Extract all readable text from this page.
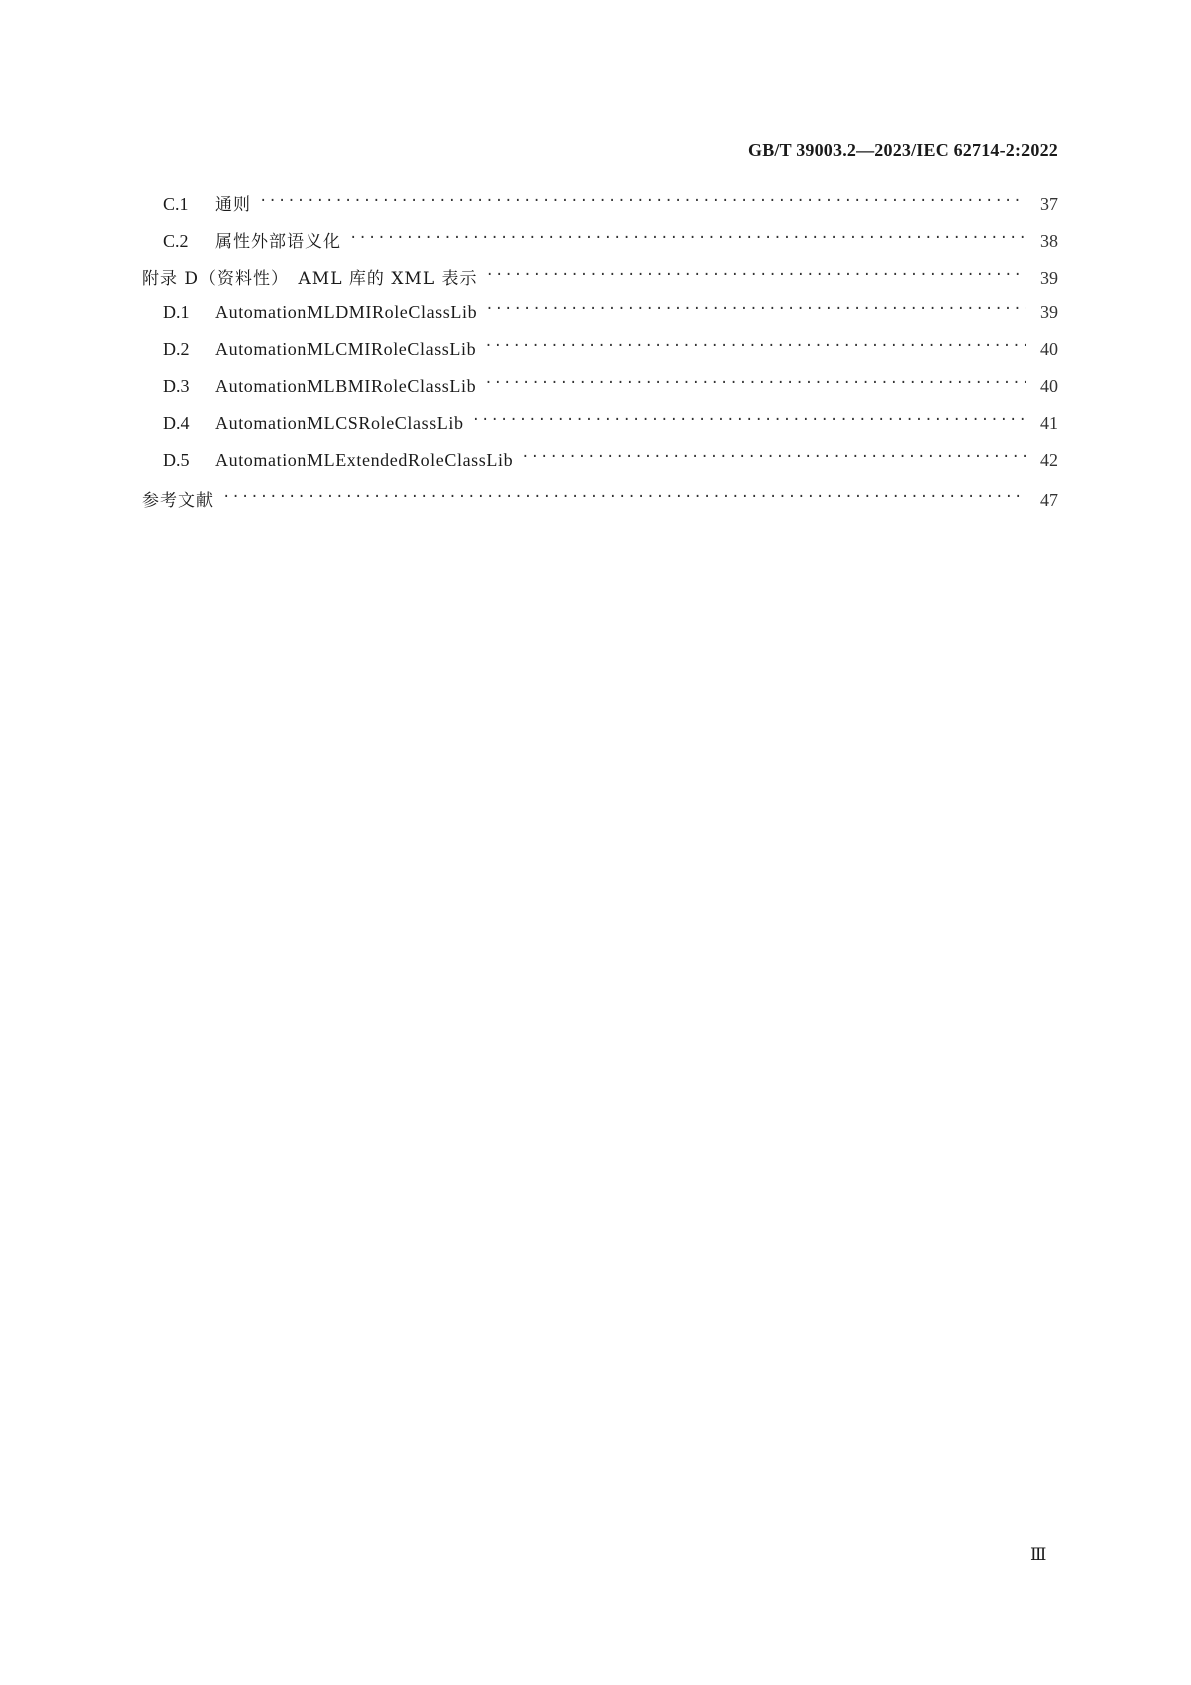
GB/T 39003.2—2023/IEC 62714-2:2022
C.1	通则 ·····	37
C.2	属性外部语义化 ·····	38
附录 D（资料性）　AML 库的 XML 表示 ·····	39
D.1	AutomationMLDMIRoleClassLib ·····	39
D.2	AutomationMLCMIRoleClassLib ·····	40
D.3	AutomationMLBMIRoleClassLib ·····	40
D.4	AutomationMLCSRoleClassLib ·····	41
D.5	AutomationMLExtendedRoleClassLib ·····	42
参考文献 ·····	47
Ⅲ
